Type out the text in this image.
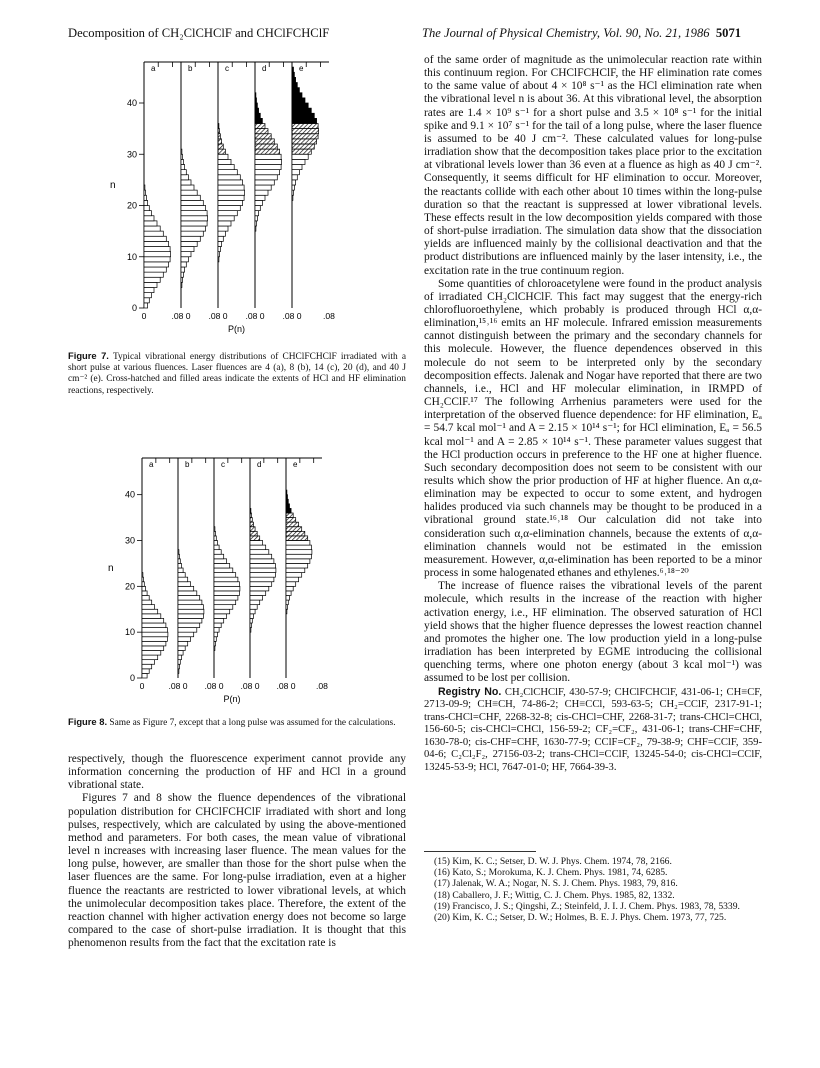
Decomposition of CH₂ClCHClF and CHClFCHClF	The Journal of Physical Chemistry, Vol. 90, No. 21, 1986 5071
a	b	c	d	e
0
10
20
30
40
n
0	.08 0 .08 0 .08 0 .08 0 .08
P(n)
Figure 7. Typical vibrational energy distributions of CHClFCHClF irradiated with a short pulse at various fluences. Laser fluences are 4 (a), 8 (b), 14 (c), 20 (d), and 40 J cm⁻² (e). Cross-hatched and filled areas indicate the extents of HCl and HF elimination reactions, respectively.
a	b	c	d	e
0
10
20
30
40
n
0	.08 0 .08 0 .08 0 .08 0 .08
P(n)
Figure 8. Same as Figure 7, except that a long pulse was assumed for the calculations.

respectively, though the fluorescence experiment cannot provide any information concerning the production of HF and HCl in a ground vibrational state.

Figures 7 and 8 show the fluence dependences of the vibrational population distribution for CHClFCHClF irradiated with short and long pulses, respectively, which are calculated by using the above-mentioned method and parameters. For both cases, the mean value of vibrational level n increases with increasing laser fluence. The mean values for the long pulse, however, are smaller than those for the short pulse when the laser fluences are the same. For long-pulse irradiation, even at a higher fluence the reactants are restricted to lower vibrational levels, at which the unimolecular decomposition takes place. Therefore, the extent of the reaction channel with higher activation energy does not become so large compared to the case of short-pulse irradiation. It is thought that this phenomenon results from the fact that the excitation rate is

of the same order of magnitude as the unimolecular reaction rate within this continuum region. For CHClFCHClF, the HF elimination rate comes to the same value of about 4 × 10⁸ s⁻¹ as the HCl elimination rate when the vibrational level n is about 36. At this vibrational level, the absorption rates are 1.4 × 10⁹ s⁻¹ for a short pulse and 3.5 × 10⁸ s⁻¹ for the initial spike and 9.1 × 10⁷ s⁻¹ for the tail of a long pulse, where the laser fluence is assumed to be 40 J cm⁻². These calculated values for long-pulse irradiation show that the decomposition takes place prior to the excitation at vibrational levels lower than 36 even at a fluence as high as 40 J cm⁻². Consequently, it seems difficult for HF elimination to occur. Moreover, the reactants collide with each other about 10 times within the long-pulse duration so that the reactant is suppressed at lower vibrational levels. These effects result in the low decomposition yields compared with those of short-pulse irradiation. The simulation data show that the dissociation yields are influenced mainly by the collisional deactivation and that the product distributions are influenced mainly by the laser intensity, i.e., the excitation rate in the true continuum region.

Some quantities of chloroacetylene were found in the product analysis of irradiated CH₂ClCHClF. This fact may suggest that the energy-rich chlorofluoroethylene, which probably is produced through HCl α,α-elimination,¹⁵˒¹⁶ emits an HF molecule. Infrared emission measurements cannot distinguish between the primary and the secondary channels for this molecule. However, the fluence dependences observed in this molecule do not seem to be interpreted only by the secondary decomposition effects. Jalenak and Nogar have reported that there are two channels, i.e., HCl and HF molecular elimination, in IRMPD of CH₂CClF.¹⁷ The following Arrhenius parameters were used for the interpretation of the observed fluence dependence: for HF elimination, Eₐ = 54.7 kcal mol⁻¹ and A = 2.15 × 10¹⁴ s⁻¹; for HCl elimination, Eₐ = 56.5 kcal mol⁻¹ and A = 2.85 × 10¹⁴ s⁻¹. These parameter values suggest that the HCl production occurs in preference to the HF one at higher fluence. Such secondary decomposition does not seem to be consistent with our results which show the prior production of HF at higher fluence. An α,α-elimination may be expected to occur to some extent, and hydrogen halides produced via such channels may be thought to be produced in a vibrational ground state.¹⁶˒¹⁸ Our calculation did not take into consideration such α,α-elimination channels, because the extents of α,α-elimination channels would not be estimated in the emission measurement. However, α,α-elimination has been reported to be a minor process in some halogenated ethanes and ethylenes.⁶˒¹⁸⁻²⁰

The increase of fluence raises the vibrational levels of the parent molecule, which results in the increase of the reaction with higher activation energy, i.e., HF elimination. The observed saturation of HCl yield shows that the higher fluence depresses the lowest reaction channel and promotes the higher one. The low production yield in a long-pulse irradiation has been interpreted by EGME introducing the collisional quenching terms, where one photon energy (about 3 kcal mol⁻¹) was assumed to be lost per collision.

Registry No. CH₂ClCHClF, 430-57-9; CHClFCHClF, 431-06-1; CH≡CF, 2713-09-9; CH≡CH, 74-86-2; CH≡CCl, 593-63-5; CH₂=CClF, 2317-91-1; trans-CHCl=CHF, 2268-32-8; cis-CHCl=CHF, 2268-31-7; trans-CHCl=CHCl, 156-60-5; cis-CHCl=CHCl, 156-59-2; CF₂=CF₂, 431-06-1; trans-CHF=CHF, 1630-78-0; cis-CHF=CHF, 1630-77-9; CClF=CF₂, 79-38-9; CHF=CClF, 359-04-6; C₂Cl₂F₂, 27156-03-2; trans-CHCl=CClF, 13245-54-0; cis-CHCl=CClF, 13245-53-9; HCl, 7647-01-0; HF, 7664-39-3.

(15) Kim, K. C.; Setser, D. W. J. Phys. Chem. 1974, 78, 2166.
(16) Kato, S.; Morokuma, K. J. Chem. Phys. 1981, 74, 6285.
(17) Jalenak, W. A.; Nogar, N. S. J. Chem. Phys. 1983, 79, 816.
(18) Caballero, J. F.; Wittig, C. J. Chem. Phys. 1985, 82, 1332.
(19) Francisco, J. S.; Qingshi, Z.; Steinfeld, J. I. J. Chem. Phys. 1983, 78, 5339.
(20) Kim, K. C.; Setser, D. W.; Holmes, B. E. J. Phys. Chem. 1973, 77, 725.
